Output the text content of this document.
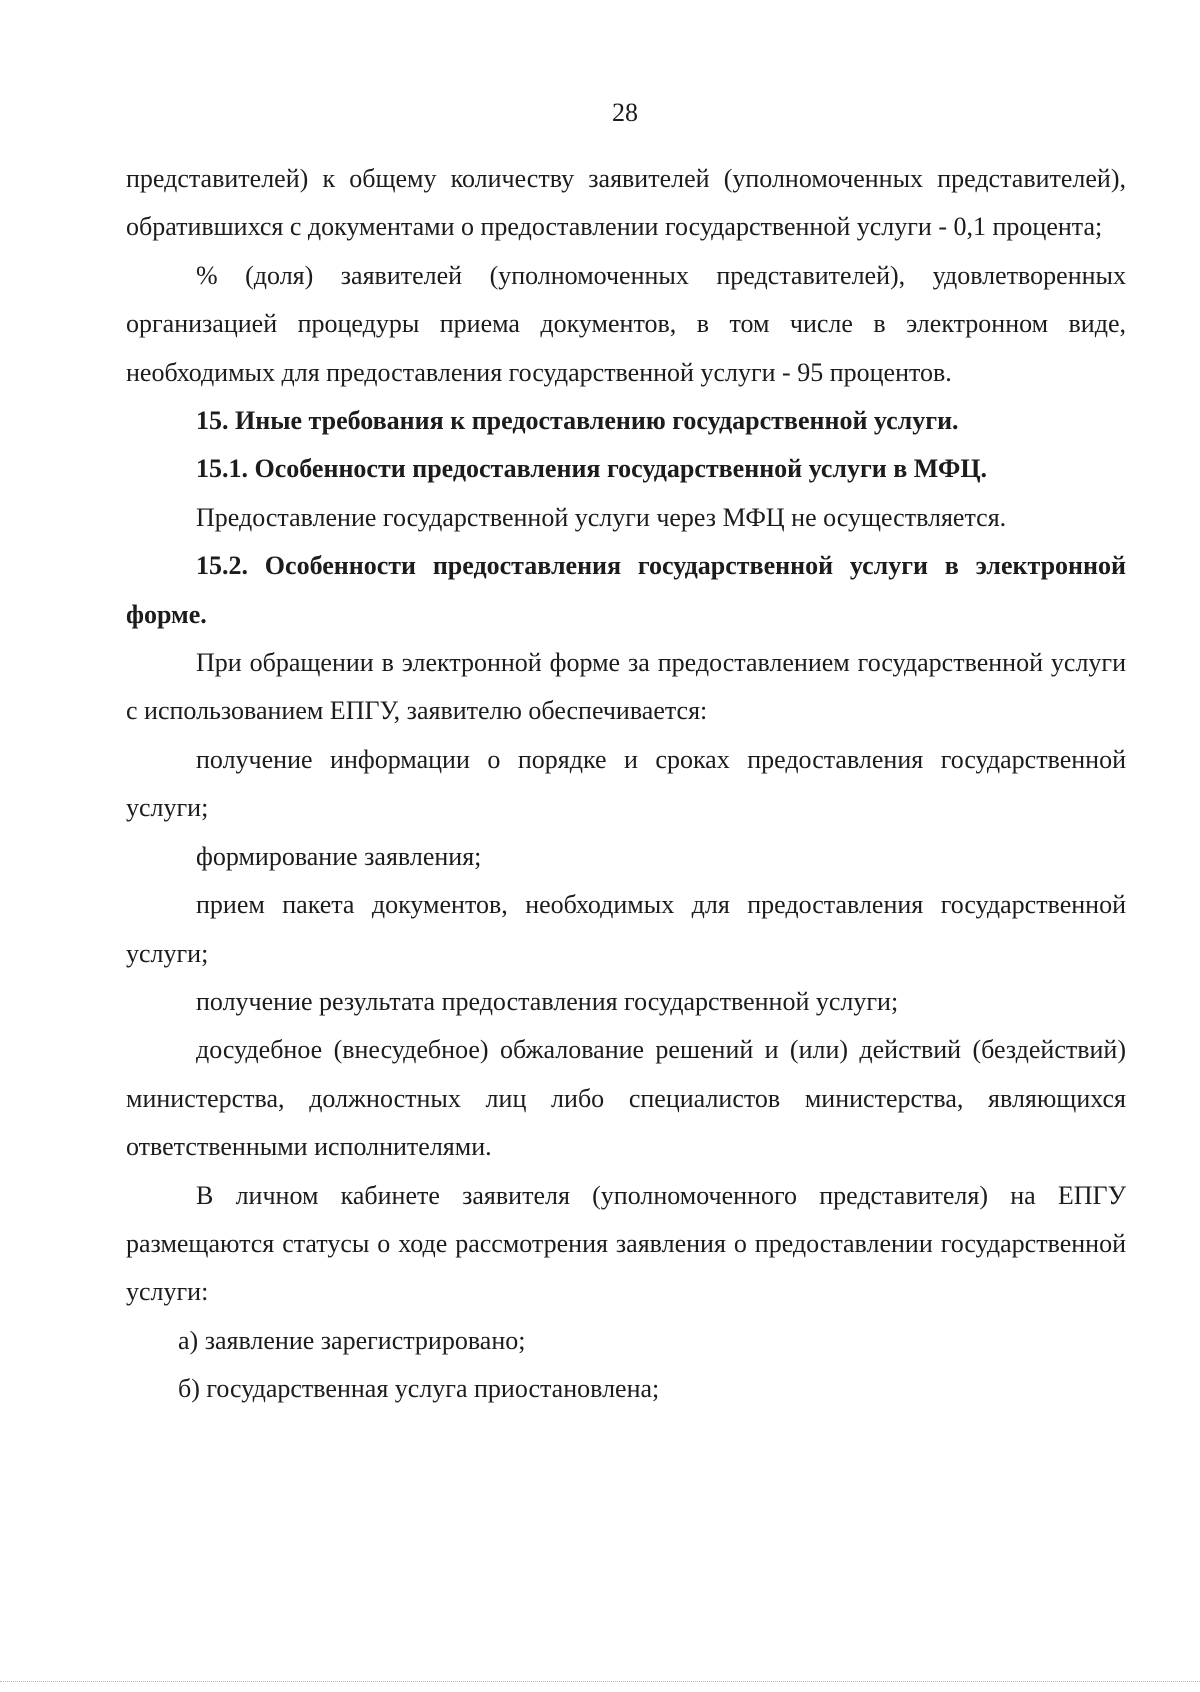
28

представителей) к общему количеству заявителей (уполномоченных представителей), обратившихся с документами о предоставлении государственной услуги - 0,1 процента;

% (доля) заявителей (уполномоченных представителей), удовлетворенных организацией процедуры приема документов, в том числе в электронном виде, необходимых для предоставления государственной услуги - 95 процентов.

15. Иные требования к предоставлению государственной услуги.

15.1. Особенности предоставления государственной услуги в МФЦ.

Предоставление государственной услуги через МФЦ не осуществляется.

15.2. Особенности предоставления государственной услуги в электронной форме.

При обращении в электронной форме за предоставлением государственной услуги с использованием ЕПГУ, заявителю обеспечивается:

получение информации о порядке и сроках предоставления государственной услуги;

формирование заявления;

прием пакета документов, необходимых для предоставления государственной услуги;

получение результата предоставления государственной услуги;

досудебное (внесудебное) обжалование решений и (или) действий (бездействий) министерства, должностных лиц либо специалистов министерства, являющихся ответственными исполнителями.

В личном кабинете заявителя (уполномоченного представителя) на ЕПГУ размещаются статусы о ходе рассмотрения заявления о предоставлении государственной услуги:

а) заявление зарегистрировано;

б) государственная услуга приостановлена;
